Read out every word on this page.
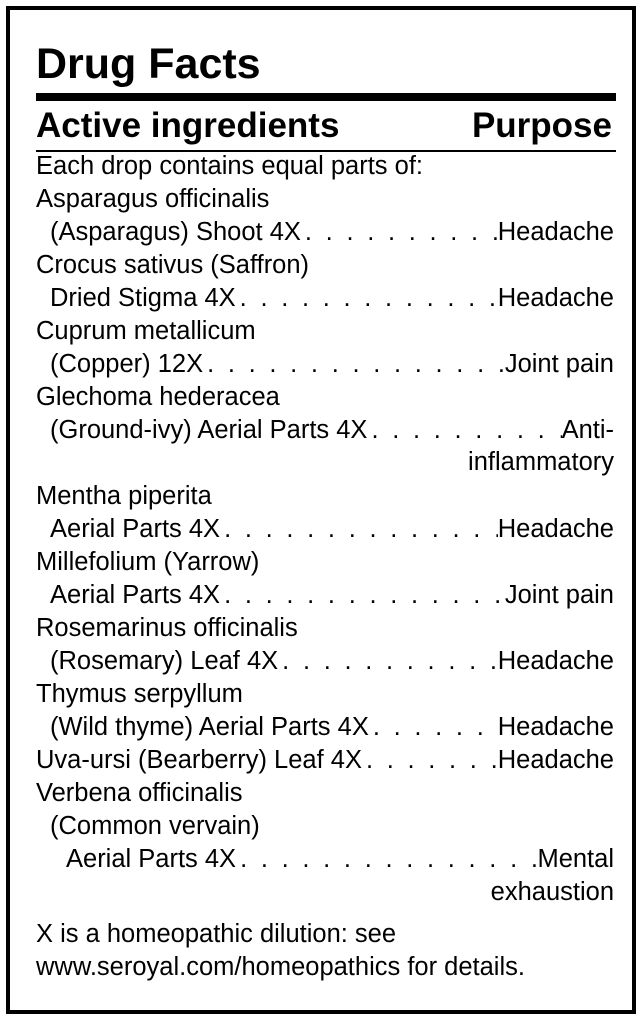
Drug Facts
Active ingredients	Purpose
Each drop contains equal parts of:
Asparagus officinalis
(Asparagus) Shoot 4X . . .	Headache
Crocus sativus (Saffron)
Dried Stigma 4X . . .	Headache
Cuprum metallicum
(Copper) 12X . . .	Joint pain
Glechoma hederacea
(Ground-ivy) Aerial Parts 4X . . .	Anti-
inflammatory
Mentha piperita
Aerial Parts 4X . . .	Headache
Millefolium (Yarrow)
Aerial Parts 4X . . .	Joint pain
Rosemarinus officinalis
(Rosemary) Leaf 4X . . .	Headache
Thymus serpyllum
(Wild thyme) Aerial Parts 4X . . .	Headache
Uva-ursi (Bearberry) Leaf 4X . . .	Headache
Verbena officinalis
(Common vervain)
Aerial Parts 4X . . .	Mental
exhaustion
X is a homeopathic dilution: see
www.seroyal.com/homeopathics for details.
